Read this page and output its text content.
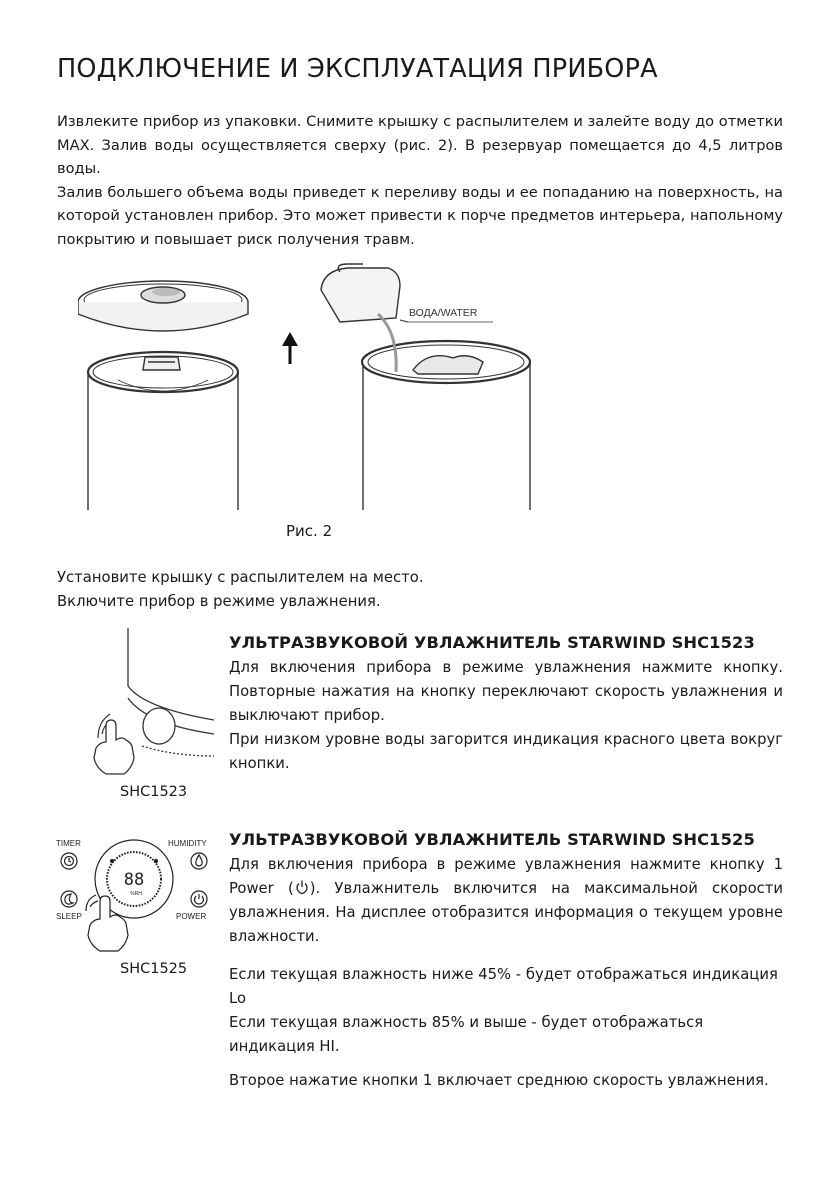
ПОДКЛЮЧЕНИЕ И ЭКСПЛУАТАЦИЯ ПРИБОРА

Извлеките прибор из упаковки. Снимите крышку с распылителем и залейте воду до отметки MAX. Залив воды осуществляется сверху (рис. 2). В резервуар помещается до 4,5 литров воды.

Залив большего объема воды приведет к переливу воды и ее попаданию на поверхность, на которой установлен прибор. Это может привести к порче предметов интерьера, напольному покрытию и повышает риск получения травм.

ВОДА/WATER
Рис. 2

Установите крышку с распылителем на место.

Включите прибор в режиме увлажнения.

SHC1523
УЛЬТРАЗВУКОВОЙ УВЛАЖНИТЕЛЬ STARWIND SHC1523

Для включения прибора в режиме увлажнения нажмите кнопку. Повторные нажатия на кнопку переключают скорость увлажнения и выключают прибор.

При низком уровне воды загорится индикация красного цвета вокруг кнопки.

TIMER	HUMIDITY
SLEEP	POWER
88
%RH
SHC1525
УЛЬТРАЗВУКОВОЙ УВЛАЖНИТЕЛЬ STARWIND SHC1525

Для включения прибора в режиме увлажнения нажмите кнопку 1 Power ( ). Увлажнитель включится на максимальной скорости увлажнения. На дисплее отобразится информация о текущем уровне влажности.

Если текущая влажность ниже 45% - будет отображаться индикация Lo

Если текущая влажность 85% и выше - будет отображаться индикация HI.

Второе нажатие кнопки 1 включает среднюю скорость увлажнения.
